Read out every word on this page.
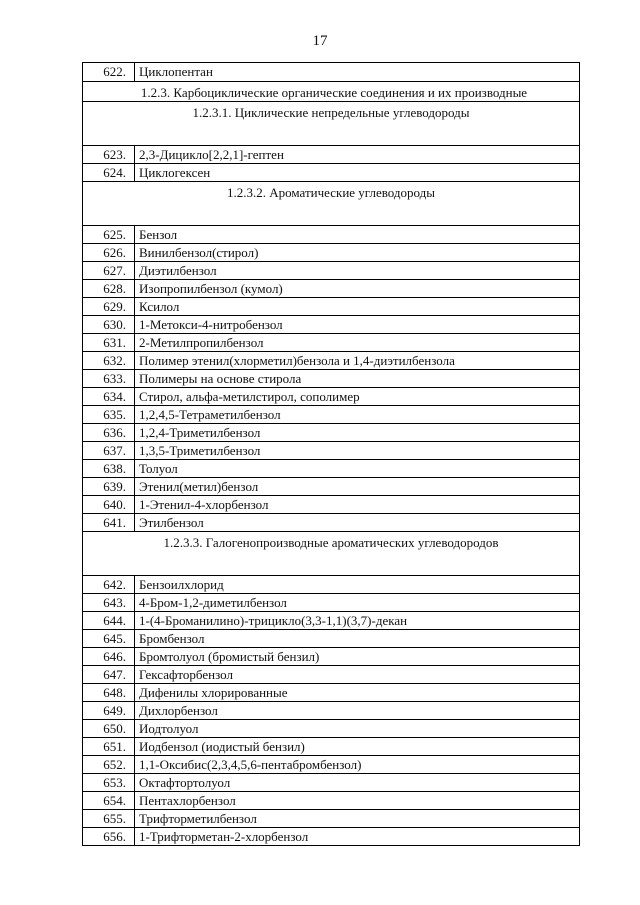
17
622.	Циклопентан
1.2.3. Карбоциклические органические соединения и их производные
1.2.3.1. Циклические непредельные углеводороды
623.	2,3-Дицикло[2,2,1]-гептен
624.	Циклогексен
1.2.3.2. Ароматические углеводороды
625.	Бензол
626.	Винилбензол(стирол)
627.	Диэтилбензол
628.	Изопропилбензол (кумол)
629.	Ксилол
630.	1-Метокси-4-нитробензол
631.	2-Метилпропилбензол
632.	Полимер этенил(хлорметил)бензола и 1,4-диэтилбензола
633.	Полимеры на основе стирола
634.	Стирол, альфа-метилстирол, сополимер
635.	1,2,4,5-Тетраметилбензол
636.	1,2,4-Триметилбензол
637.	1,3,5-Триметилбензол
638.	Толуол
639.	Этенил(метил)бензол
640.	1-Этенил-4-хлорбензол
641.	Этилбензол
1.2.3.3. Галогенопроизводные ароматических углеводородов
642.	Бензоилхлорид
643.	4-Бром-1,2-диметилбензол
644.	1-(4-Броманилино)-трицикло(3,3-1,1)(3,7)-декан
645.	Бромбензол
646.	Бромтолуол (бромистый бензил)
647.	Гексафторбензол
648.	Дифенилы хлорированные
649.	Дихлорбензол
650.	Иодтолуол
651.	Иодбензол (иодистый бензил)
652.	1,1-Оксибис(2,3,4,5,6-пентабромбензол)
653.	Октафтортолуол
654.	Пентахлорбензол
655.	Трифторметилбензол
656.	1-Трифторметан-2-хлорбензол
